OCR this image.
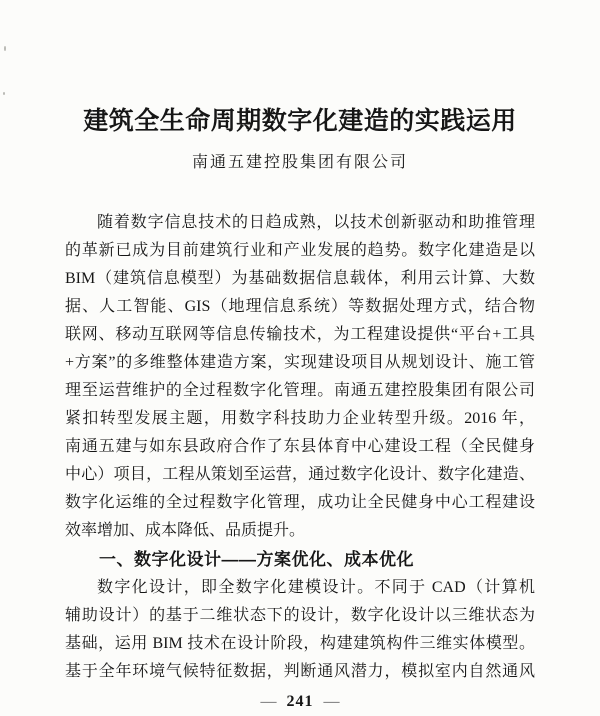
建筑全生命周期数字化建造的实践运用
南通五建控股集团有限公司
随着数字信息技术的日趋成熟，以技术创新驱动和助推管理
的革新已成为目前建筑行业和产业发展的趋势。数字化建造是以
BIM（建筑信息模型）为基础数据信息载体，利用云计算、大数
据、人工智能、GIS（地理信息系统）等数据处理方式，结合物
联网、移动互联网等信息传输技术，为工程建设提供“平台+工具
+方案”的多维整体建造方案，实现建设项目从规划设计、施工管
理至运营维护的全过程数字化管理。南通五建控股集团有限公司
紧扣转型发展主题，用数字科技助力企业转型升级。2016 年，
南通五建与如东县政府合作了东县体育中心建设工程（全民健身
中心）项目，工程从策划至运营，通过数字化设计、数字化建造、
数字化运维的全过程数字化管理，成功让全民健身中心工程建设
效率增加、成本降低、品质提升。
一、数字化设计——方案优化、成本优化
数字化设计，即全数字化建模设计。不同于 CAD（计算机
辅助设计）的基于二维状态下的设计，数字化设计以三维状态为
基础，运用 BIM 技术在设计阶段，构建建筑构件三维实体模型。
基于全年环境气候特征数据，判断通风潜力，模拟室内自然通风
— 241 —
